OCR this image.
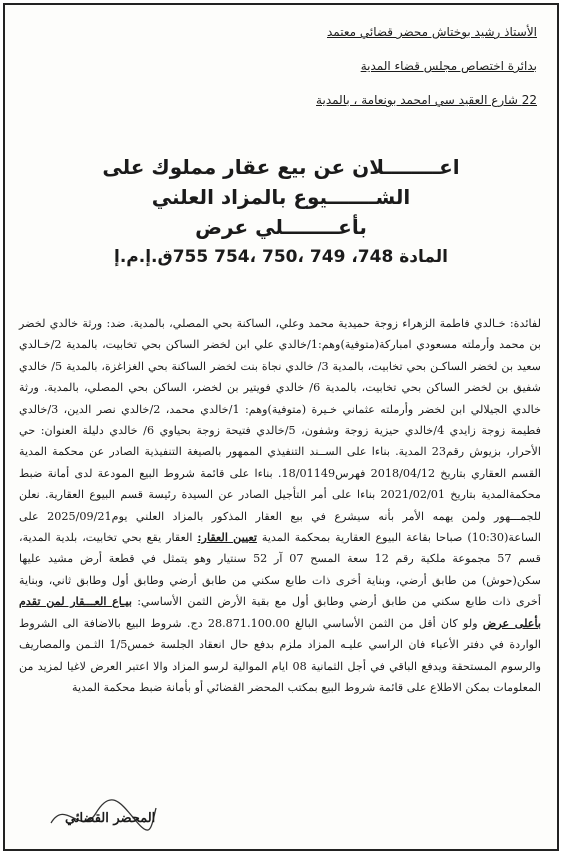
الأستاذ رشيد بوختاش محضر قضائي معتمد
بدائرة اختصاص مجلس قضاء المدية
22 شارع العقيد سي امحمد بونعامة ، بالمدية
اعــــــــلان عن بيع عقار مملوك على
الشـــــــيوع بالمزاد العلني
بأعــــــــلي عرض
المادة 748، 749 ،750 ،754 755ق.إ.م.إ

لفائدة: خـالدي فاطمة الزهراء زوجة حميدية محمد وعلي، الساكنة بحي المصلي، بالمدية. ضد: ورثة خالدي لخضر بن محمد وأرملته مسعودي امباركة(متوفية)وهم:1/خالدي علي ابن لخضر الساكن بحي تخابيت، بالمدية 2/خـالدي سعيد بن لخضر الساكـن بحي تخابيت، بالمدية 3/ خالدي نجاة بنت لخضر الساكنة بحي الغزاغزة، بالمدية 5/ خالدي شفيق بن لخضر الساكن بحي تخابيت، بالمدية 6/ خالدي فويتير بن لخضر، الساكن بحي المصلي، بالمدية. ورثة خالدي الجيلالي ابن لخضر وأرملته عثماني خـيرة (متوفية)وهم: 1/خالدي محمد، 2/خالدي نصر الدين، 3/خالدي فطيمة زوجة زايدي 4/خالدي حيزية زوجة وشفون، 5/خالدي فتيحة زوجة بحياوي 6/ خالدي دليلة العنوان: حي الأحرار، بزيوش رقم23 المدية. بناءا على الســند التنفيذي الممهور بالصيغة التنفيذية الصادر عن محكمة المدية القسم العقاري بتاريخ 2018/04/12 فهرس18/01149. بناءا على قائمة شروط البيع المودعة لدى أمانة ضبط محكمةالمدية بتاريخ 2021/02/01 بناءا على أمر التأجيل الصادر عن السيدة رئيسة قسم البيوع العقارية. نعلن للجمـــهور ولمن يهمه الأمر بأنه سيشرع في بيع العقار المذكور بالمزاد العلني يوم2025/09/21 على الساعة(10:30) صباحا بقاعة البيوع العقارية بمحكمة المدية تعيين العقار: العقار يقع بحي تخابيت، بلدية المدية، قسم 57 مجموعة ملكية رقم 12 سعة المسح 07 آر 52 سنتيار وهو يتمثل في قطعة أرض مشيد عليها سكن(حوش) من طابق أرضي، وبناية أخرى ذات طابع سكني من طابق أرضي وطابق أول وطابق ثاني، وبناية أخرى ذات طابع سكني من طابق أرضي وطابق أول مع بقية الأرض الثمن الأساسي: بيـاع العـــقار لمن تقدم بأعلى عرض ولو كان أقل من الثمن الأساسي البالغ 28.871.100.00 دج. شروط البيع بالاضافة الى الشروط الواردة في دفتر الأعباء فان الراسي عليـه المزاد ملزم بدفع حال انعقاد الجلسة خمس1/5 الثـمن والمصاريف والرسوم المستحقة ويدفع الباقي في أجل الثمانية 08 ايام الموالية لرسو المزاد والا اعتبر العرض لاغيا لمزيد من المعلومات بمكن الاطلاع على قائمة شروط البيع بمكتب المحضر القضائي أو بأمانة ضبط محكمة المدية

المحضر القضائي
